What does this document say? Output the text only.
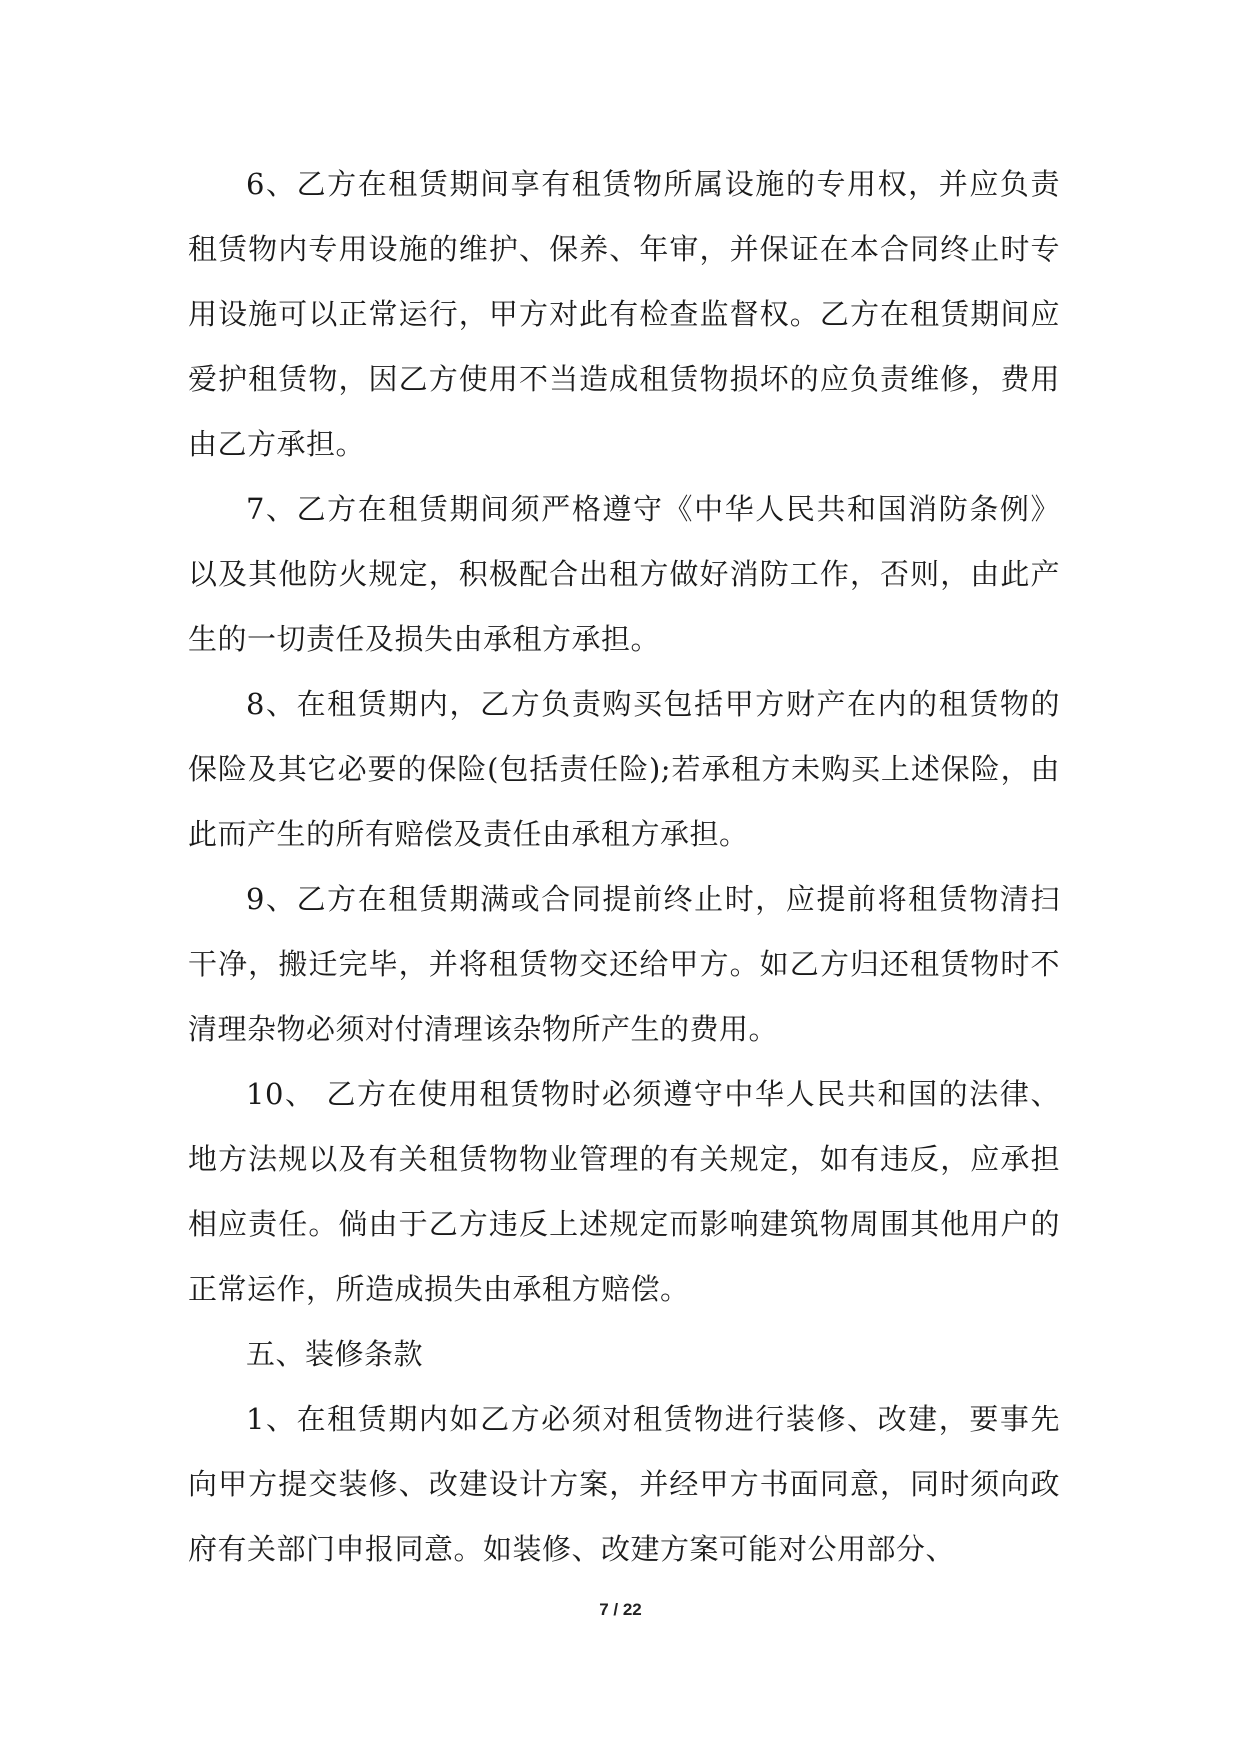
6、乙方在租赁期间享有租赁物所属设施的专用权，并应负责租赁物内专用设施的维护、保养、年审，并保证在本合同终止时专用设施可以正常运行，甲方对此有检查监督权。乙方在租赁期间应爱护租赁物，因乙方使用不当造成租赁物损坏的应负责维修，费用由乙方承担。

7、乙方在租赁期间须严格遵守《中华人民共和国消防条例》以及其他防火规定，积极配合出租方做好消防工作，否则，由此产生的一切责任及损失由承租方承担。

8、在租赁期内，乙方负责购买包括甲方财产在内的租赁物的保险及其它必要的保险(包括责任险);若承租方未购买上述保险，由此而产生的所有赔偿及责任由承租方承担。

9、乙方在租赁期满或合同提前终止时，应提前将租赁物清扫干净，搬迁完毕，并将租赁物交还给甲方。如乙方归还租赁物时不清理杂物必须对付清理该杂物所产生的费用。

10、 乙方在使用租赁物时必须遵守中华人民共和国的法律、地方法规以及有关租赁物物业管理的有关规定，如有违反，应承担相应责任。倘由于乙方违反上述规定而影响建筑物周围其他用户的正常运作，所造成损失由承租方赔偿。

五、装修条款

1、在租赁期内如乙方必须对租赁物进行装修、改建，要事先向甲方提交装修、改建设计方案，并经甲方书面同意，同时须向政府有关部门申报同意。如装修、改建方案可能对公用部分、

7 / 22
